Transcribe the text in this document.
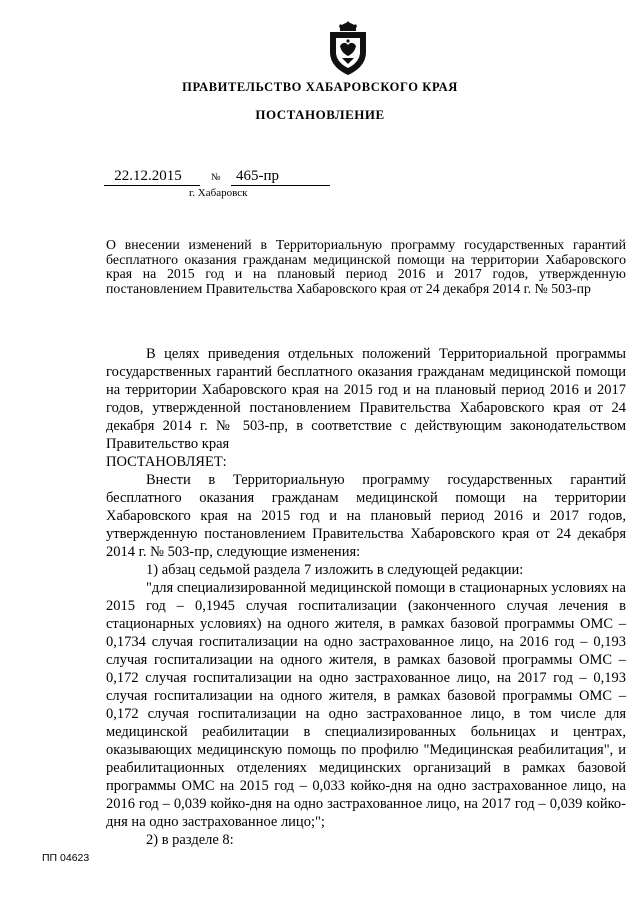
ПРАВИТЕЛЬСТВО ХАБАРОВСКОГО КРАЯ
ПОСТАНОВЛЕНИЕ
22.12.2015	№ 465-пр
г. Хабаровск

О внесении изменений в Территориальную программу государственных гарантий бесплатного оказания гражданам медицинской помощи на территории Хабаровского края на 2015 год и на плановый период 2016 и 2017 годов, утвержденную постановлением Правительства Хабаровского края от 24 декабря 2014 г. № 503-пр

В целях приведения отдельных положений Территориальной программы государственных гарантий бесплатного оказания гражданам медицинской помощи на территории Хабаровского края на 2015 год и на плановый период 2016 и 2017 годов, утвержденной постановлением Правительства Хабаровского края от 24 декабря 2014 г. № 503-пр, в соответствие с действующим законодательством Правительство края

ПОСТАНОВЛЯЕТ:

Внести в Территориальную программу государственных гарантий бесплатного оказания гражданам медицинской помощи на территории Хабаровского края на 2015 год и на плановый период 2016 и 2017 годов, утвержденную постановлением Правительства Хабаровского края от 24 декабря 2014 г. № 503-пр, следующие изменения:

1) абзац седьмой раздела 7 изложить в следующей редакции:

"для специализированной медицинской помощи в стационарных условиях на 2015 год – 0,1945 случая госпитализации (законченного случая лечения в стационарных условиях) на одного жителя, в рамках базовой программы ОМС – 0,1734 случая госпитализации на одно застрахованное лицо, на 2016 год – 0,193 случая госпитализации на одного жителя, в рамках базовой программы ОМС – 0,172 случая госпитализации на одно застрахованное лицо, на 2017 год – 0,193 случая госпитализации на одного жителя, в рамках базовой программы ОМС – 0,172 случая госпитализации на одно застрахованное лицо, в том числе для медицинской реабилитации в специализированных больницах и центрах, оказывающих медицинскую помощь по профилю "Медицинская реабилитация", и реабилитационных отделениях медицинских организаций в рамках базовой программы ОМС на 2015 год – 0,033 койко-дня на одно застрахованное лицо, на 2016 год – 0,039 койко-дня на одно застрахованное лицо, на 2017 год – 0,039 койко-дня на одно застрахованное лицо;";

2) в разделе 8:

ПП 04623
